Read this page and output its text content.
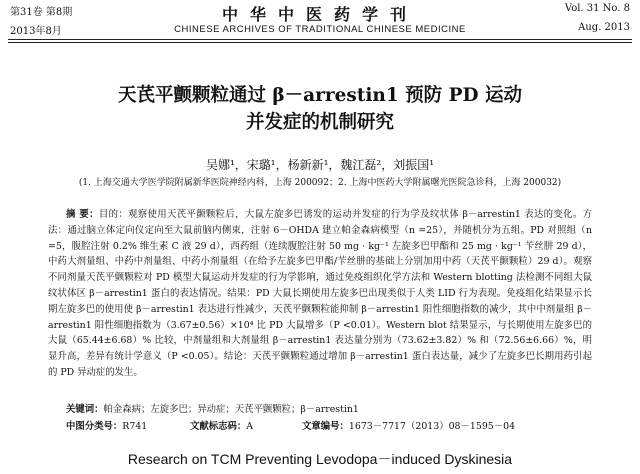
第31卷 第8期
2013年8月
中华中医药学刊
CHINESE ARCHIVES OF TRADITIONAL CHINESE MEDICINE
Vol. 31 No. 8
Aug. 2013
天芪平颤颗粒通过 β－arrestin1 预防 PD 运动
并发症的机制研究
吴娜¹，宋璐¹，杨新新¹，魏江磊²，刘振国¹
(1. 上海交通大学医学院附属新华医院神经内科，上海 200092；2. 上海中医药大学附属曙光医院急诊科，上海 200032)
摘 要：目的：观察使用天芪平颤颗粒后，大鼠左旋多巴诱发的运动并发症的行为学及纹状体 β－arrestin1 表达的变化。方法：通过脑立体定向仪定向至大鼠前脑内侧束，注射 6－OHDA 建立帕金森病模型（n =25），并随机分为五组。PD 对照组（n =5，腹腔注射 0.2% 维生素 C 液 29 d），西药组（连续腹腔注射 50 mg · kg⁻¹ 左旋多巴甲酯和 25 mg · kg⁻¹ 苄丝肼 29 d），中药大剂量组、中药中剂量组、中药小剂量组（在给予左旋多巴甲酯/苄丝肼的基础上分别加用中药（天芪平颤颗粒）29 d）。观察不同剂量天芪平颤颗粒对 PD 模型大鼠运动并发症的行为学影响，通过免疫组织化学方法和 Western blotting 法检测不同组大鼠纹状体区 β－arrestin1 蛋白的表达情况。结果：PD 大鼠长期使用左旋多巴出现类似于人类 LID 行为表现。免疫组化结果显示长期左旋多巴的使用使 β－arrestin1 表达进行性减少，天芪平颤颗粒能抑制 β－arrestin1 阳性细胞指数的减少，其中中剂量组 β－arrestin1 阳性细胞指数为（3.67±0.56）×10⁴ 比 PD 大鼠增多（P <0.01）。Western blot 结果显示，与长期使用左旋多巴的大鼠（65.44±6.68）% 比较，中剂量组和大剂量组 β－arrestin1 表达量分别为（73.62±3.82）% 和（72.56±6.66）%，明显升高，差异有统计学意义（P <0.05）。结论：天芪平颤颗粒通过增加 β－arrestin1 蛋白表达量，减少了左旋多巴长期用药引起的 PD 异动症的发生。
关键词：帕金森病；左旋多巴；异动症；天芪平颤颗粒；β－arrestin1
中图分类号：R741	文献标志码：A	文章编号：1673－7717（2013）08－1595－04
Research on TCM Preventing Levodopa－induced Dyskinesia
